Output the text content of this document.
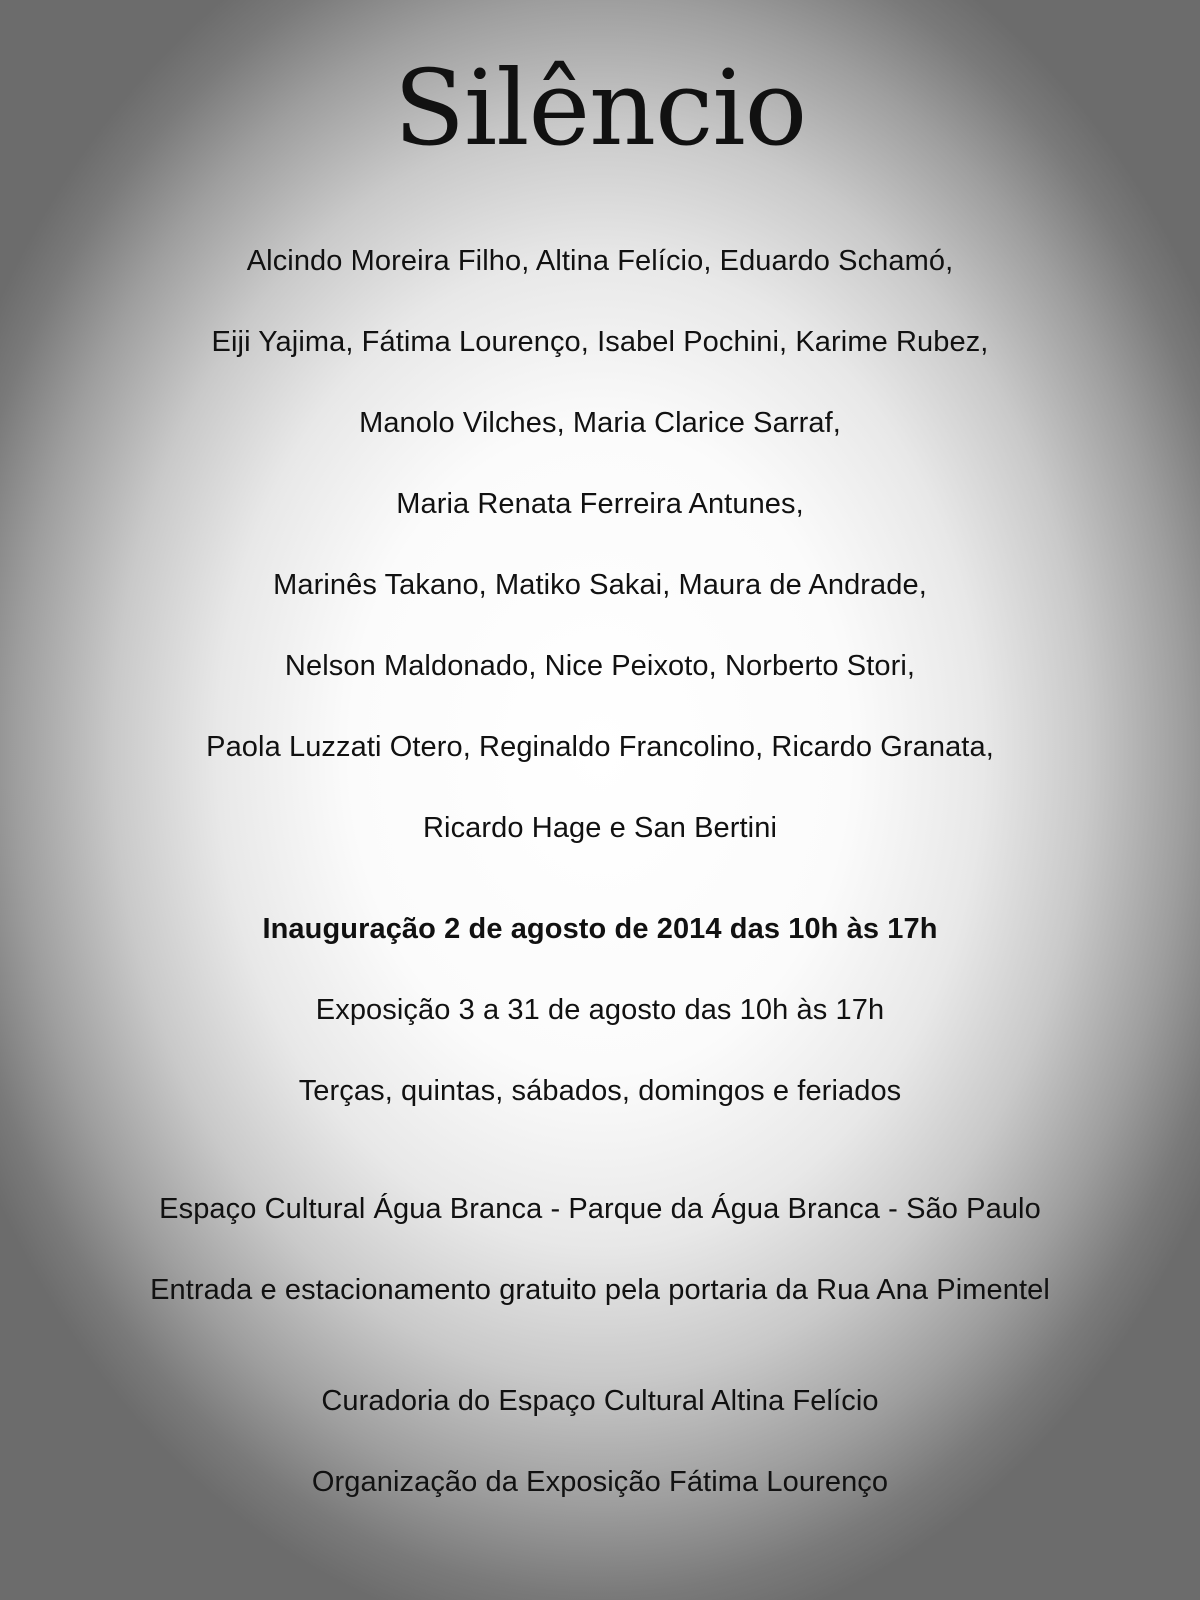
Silêncio
Alcindo Moreira Filho, Altina Felício, Eduardo Schamó,
Eiji Yajima, Fátima Lourenço, Isabel Pochini, Karime Rubez,
Manolo Vilches, Maria Clarice Sarraf,
Maria Renata Ferreira Antunes,
Marinês Takano, Matiko Sakai, Maura de Andrade,
Nelson Maldonado, Nice Peixoto, Norberto Stori,
Paola Luzzati Otero, Reginaldo Francolino, Ricardo Granata,
Ricardo Hage e San Bertini
Inauguração 2 de agosto de 2014 das 10h às 17h
Exposição 3 a 31 de agosto das 10h às 17h
Terças, quintas, sábados, domingos e feriados
Espaço Cultural Água Branca - Parque da Água Branca - São Paulo
Entrada e estacionamento gratuito pela portaria da Rua Ana Pimentel
Curadoria do Espaço Cultural Altina Felício
Organização da Exposição Fátima Lourenço
